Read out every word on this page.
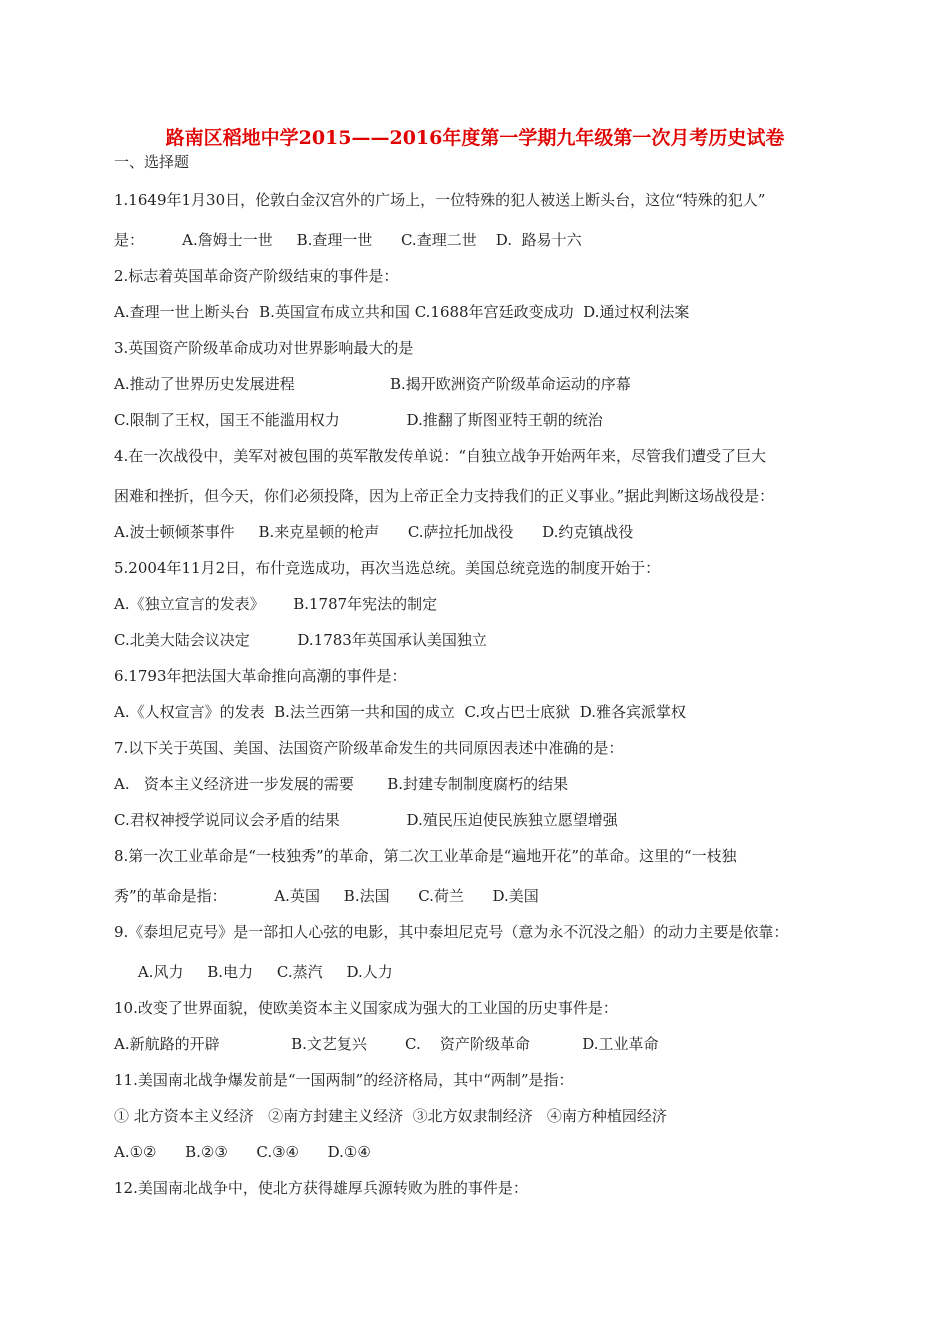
路南区稻地中学2015——2016年度第一学期九年级第一次月考历史试卷
一、选择题
1.1649年1月30日，伦敦白金汉宫外的广场上，一位特殊的犯人被送上断头台，这位“特殊的犯人”
是：        A.詹姆士一世     B.查理一世      C.查理二世    D.  路易十六
2.标志着英国革命资产阶级结束的事件是：
A.查理一世上断头台  B.英国宣布成立共和国 C.1688年宫廷政变成功  D.通过权利法案
3.英国资产阶级革命成功对世界影响最大的是
A.推动了世界历史发展进程                    B.揭开欧洲资产阶级革命运动的序幕
C.限制了王权，国王不能滥用权力              D.推翻了斯图亚特王朝的统治
4.在一次战役中，美军对被包围的英军散发传单说：“自独立战争开始两年来，尽管我们遭受了巨大
困难和挫折，但今天，你们必须投降，因为上帝正全力支持我们的正义事业。”据此判断这场战役是：
A.波士顿倾茶事件     B.来克星顿的枪声      C.萨拉托加战役      D.约克镇战役
5.2004年11月2日，布什竞选成功，再次当选总统。美国总统竞选的制度开始于：
A.《独立宣言的发表》      B.1787年宪法的制定
C.北美大陆会议决定          D.1783年英国承认美国独立
6.1793年把法国大革命推向高潮的事件是：
A.《人权宣言》的发表  B.法兰西第一共和国的成立  C.攻占巴士底狱  D.雅各宾派掌权
7.以下关于英国、美国、法国资产阶级革命发生的共同原因表述中准确的是：
A.   资本主义经济进一步发展的需要       B.封建专制制度腐朽的结果
C.君权神授学说同议会矛盾的结果              D.殖民压迫使民族独立愿望增强
8.第一次工业革命是“一枝独秀”的革命，第二次工业革命是“遍地开花”的革命。这里的“一枝独
秀”的革命是指：          A.英国     B.法国      C.荷兰      D.美国
9.《泰坦尼克号》是一部扣人心弦的电影，其中泰坦尼克号（意为永不沉没之船）的动力主要是依靠：
A.风力     B.电力     C.蒸汽     D.人力
10.改变了世界面貌，使欧美资本主义国家成为强大的工业国的历史事件是：
A.新航路的开辟               B.文艺复兴        C.    资产阶级革命           D.工业革命
11.美国南北战争爆发前是“一国两制”的经济格局，其中“两制”是指：
① 北方资本主义经济   ②南方封建主义经济  ③北方奴隶制经济   ④南方种植园经济
A.①②      B.②③      C.③④      D.①④
12.美国南北战争中，使北方获得雄厚兵源转败为胜的事件是：
